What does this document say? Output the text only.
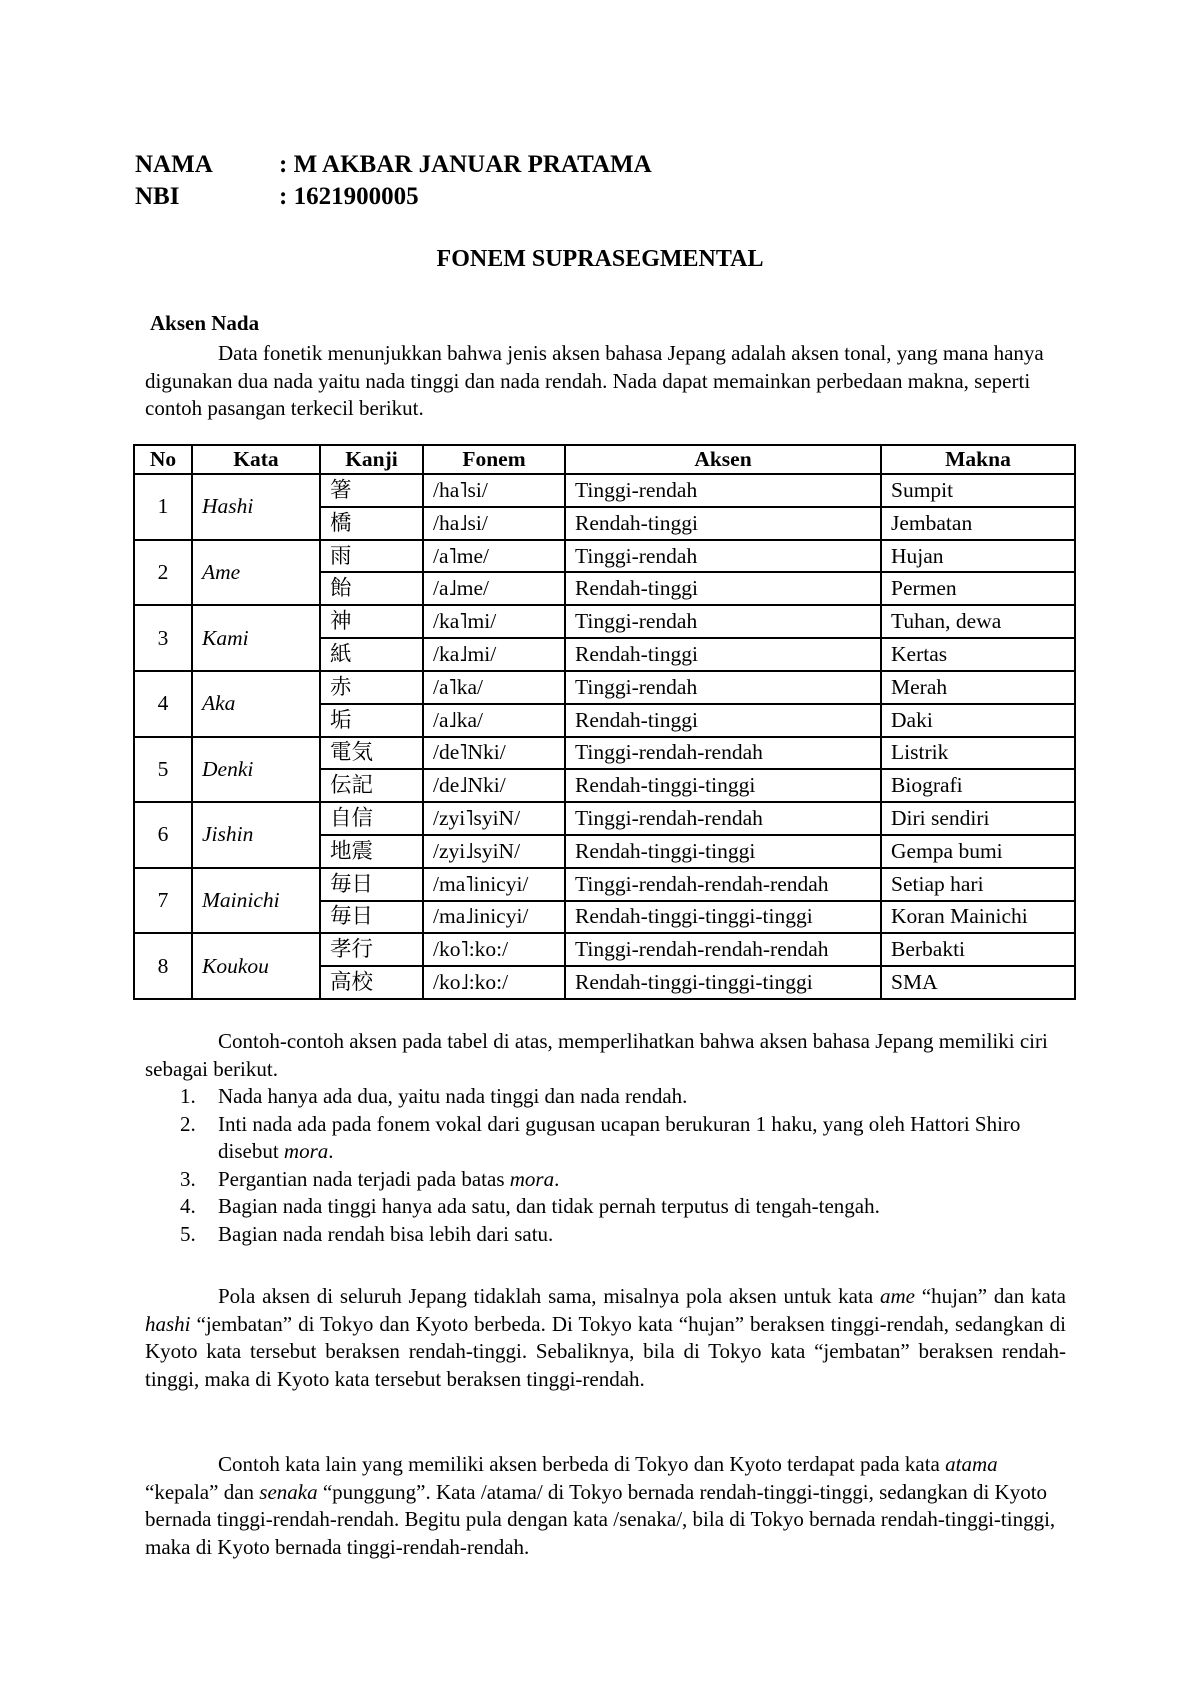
NAMA	: M AKBAR JANUAR PRATAMA
NBI	: 1621900005
FONEM SUPRASEGMENTAL
Aksen Nada

Data fonetik menunjukkan bahwa jenis aksen bahasa Jepang adalah aksen tonal, yang mana hanya digunakan dua nada yaitu nada tinggi dan nada rendah. Nada dapat memainkan perbedaan makna, seperti contoh pasangan terkecil berikut.

No	Kata	Kanji	Fonem	Aksen	Makna
1	Hashi	箸	/ha˥si/	Tinggi-rendah	Sumpit
		橋	/ha˩si/	Rendah-tinggi	Jembatan
2	Ame	雨	/a˥me/	Tinggi-rendah	Hujan
		飴	/a˩me/	Rendah-tinggi	Permen
3	Kami	神	/ka˥mi/	Tinggi-rendah	Tuhan, dewa
		紙	/ka˩mi/	Rendah-tinggi	Kertas
4	Aka	赤	/a˥ka/	Tinggi-rendah	Merah
		垢	/a˩ka/	Rendah-tinggi	Daki
5	Denki	電気	/de˥Nki/	Tinggi-rendah-rendah	Listrik
		伝記	/de˩Nki/	Rendah-tinggi-tinggi	Biografi
6	Jishin	自信	/zyi˥syiN/	Tinggi-rendah-rendah	Diri sendiri
		地震	/zyi˩syiN/	Rendah-tinggi-tinggi	Gempa bumi
7	Mainichi	毎日	/ma˥inicyi/	Tinggi-rendah-rendah-rendah	Setiap hari
		毎日	/ma˩inicyi/	Rendah-tinggi-tinggi-tinggi	Koran Mainichi
8	Koukou	孝行	/ko˥:ko:/	Tinggi-rendah-rendah-rendah	Berbakti
		高校	/ko˩:ko:/	Rendah-tinggi-tinggi-tinggi	SMA

Contoh-contoh aksen pada tabel di atas, memperlihatkan bahwa aksen bahasa Jepang memiliki ciri sebagai berikut.

1. Nada hanya ada dua, yaitu nada tinggi dan nada rendah.
2. Inti nada ada pada fonem vokal dari gugusan ucapan berukuran 1 haku, yang oleh Hattori Shiro disebut mora.
3. Pergantian nada terjadi pada batas mora.
4. Bagian nada tinggi hanya ada satu, dan tidak pernah terputus di tengah-tengah.
5. Bagian nada rendah bisa lebih dari satu.

Pola aksen di seluruh Jepang tidaklah sama, misalnya pola aksen untuk kata ame “hujan” dan kata hashi “jembatan” di Tokyo dan Kyoto berbeda. Di Tokyo kata “hujan” beraksen tinggi-rendah, sedangkan di Kyoto kata tersebut beraksen rendah-tinggi. Sebaliknya, bila di Tokyo kata “jembatan” beraksen rendah-tinggi, maka di Kyoto kata tersebut beraksen tinggi-rendah.

Contoh kata lain yang memiliki aksen berbeda di Tokyo dan Kyoto terdapat pada kata atama “kepala” dan senaka “punggung”. Kata /atama/ di Tokyo bernada rendah-tinggi-tinggi, sedangkan di Kyoto bernada tinggi-rendah-rendah. Begitu pula dengan kata /senaka/, bila di Tokyo bernada rendah-tinggi-tinggi, maka di Kyoto bernada tinggi-rendah-rendah.
